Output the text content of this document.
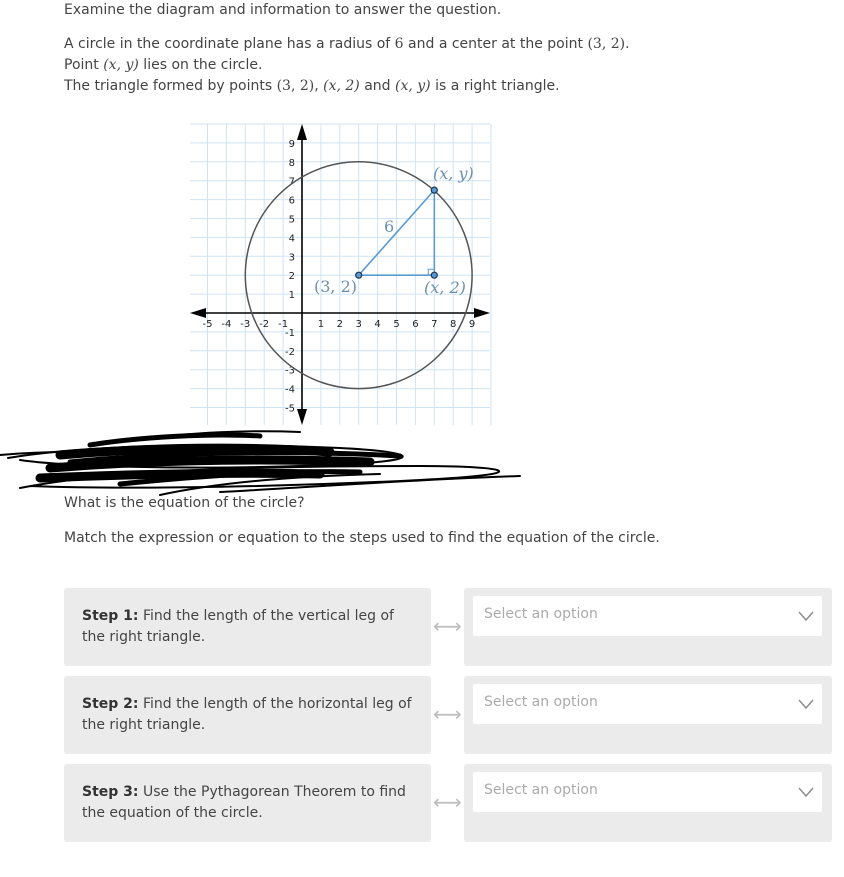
Examine the diagram and information to answer the question.
A circle in the coordinate plane has a radius of 6 and a center at the point (3, 2).
Point (x, y) lies on the circle.
The triangle formed by points (3, 2), (x, 2) and (x, y) is a right triangle.
-5 -4 -3 -2 -1	1 2 3 4 5 6 7 8 9
9
8
7
6
5
4
3
2
1
-1
-2
-3
-4
-5
(3, 2)	(x, 2)
(x, y)
6
What is the equation of the circle?
Match the expression or equation to the steps used to find the equation of the circle.
Step 1: Find the length of the vertical leg of the right triangle.	⟷ Select an option
Step 2: Find the length of the horizontal leg of the right triangle.	⟷ Select an option
Step 3: Use the Pythagorean Theorem to find the equation of the circle.	⟷ Select an option
